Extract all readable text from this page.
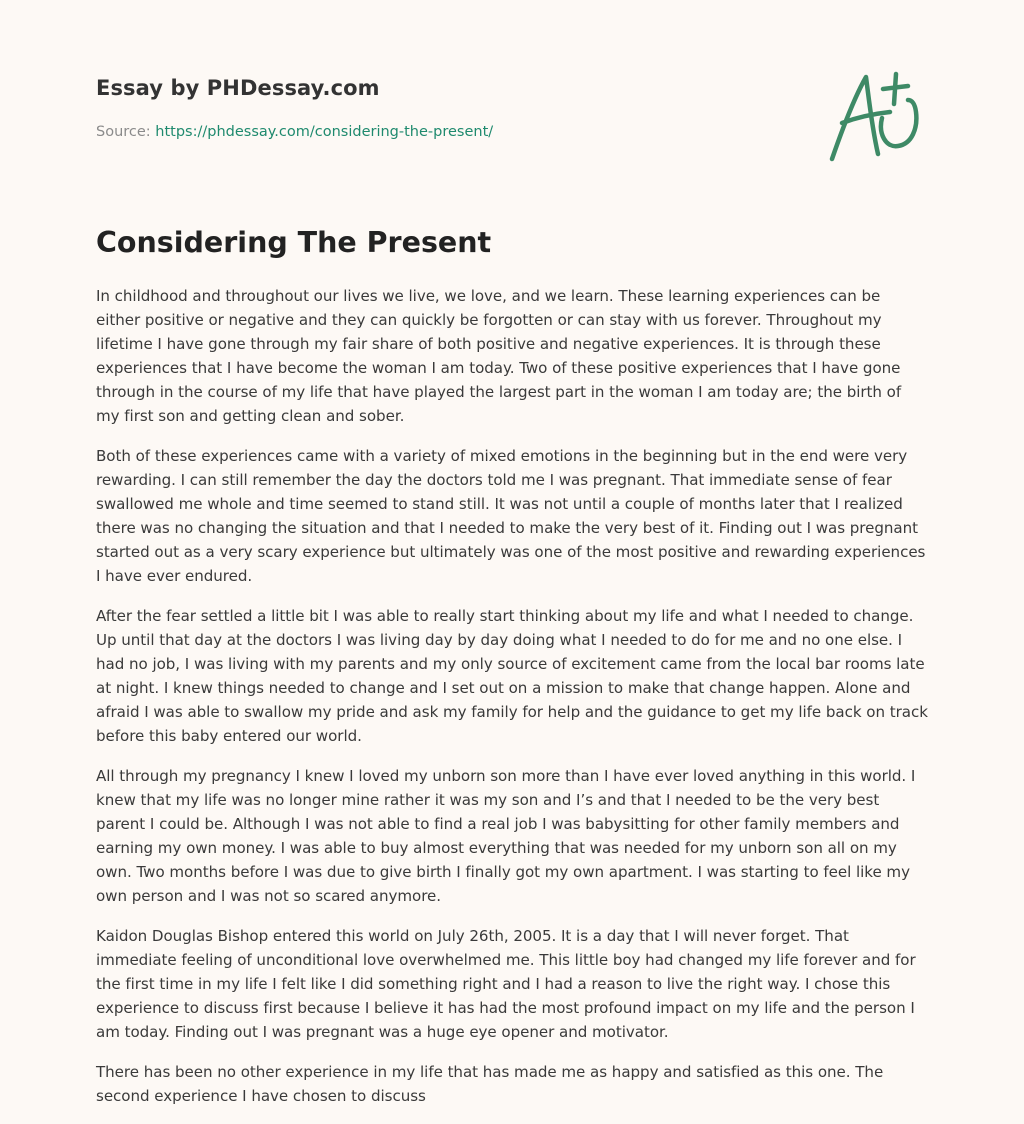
Essay by PHDessay.com
Source: https://phdessay.com/considering-the-present/
Considering The Present

In childhood and throughout our lives we live, we love, and we learn. These learning experiences can be either positive or negative and they can quickly be forgotten or can stay with us forever. Throughout my lifetime I have gone through my fair share of both positive and negative experiences. It is through these experiences that I have become the woman I am today. Two of these positive experiences that I have gone through in the course of my life that have played the largest part in the woman I am today are; the birth of my first son and getting clean and sober.

Both of these experiences came with a variety of mixed emotions in the beginning but in the end were very rewarding. I can still remember the day the doctors told me I was pregnant. That immediate sense of fear swallowed me whole and time seemed to stand still. It was not until a couple of months later that I realized there was no changing the situation and that I needed to make the very best of it. Finding out I was pregnant started out as a very scary experience but ultimately was one of the most positive and rewarding experiences I have ever endured.

After the fear settled a little bit I was able to really start thinking about my life and what I needed to change. Up until that day at the doctors I was living day by day doing what I needed to do for me and no one else. I had no job, I was living with my parents and my only source of excitement came from the local bar rooms late at night. I knew things needed to change and I set out on a mission to make that change happen. Alone and afraid I was able to swallow my pride and ask my family for help and the guidance to get my life back on track before this baby entered our world.

All through my pregnancy I knew I loved my unborn son more than I have ever loved anything in this world. I knew that my life was no longer mine rather it was my son and I’s and that I needed to be the very best parent I could be. Although I was not able to find a real job I was babysitting for other family members and earning my own money. I was able to buy almost everything that was needed for my unborn son all on my own. Two months before I was due to give birth I finally got my own apartment. I was starting to feel like my own person and I was not so scared anymore.

Kaidon Douglas Bishop entered this world on July 26th, 2005. It is a day that I will never forget. That immediate feeling of unconditional love overwhelmed me. This little boy had changed my life forever and for the first time in my life I felt like I did something right and I had a reason to live the right way. I chose this experience to discuss first because I believe it has had the most profound impact on my life and the person I am today. Finding out I was pregnant was a huge eye opener and motivator.

There has been no other experience in my life that has made me as happy and satisfied as this one. The second experience I have chosen to discuss
